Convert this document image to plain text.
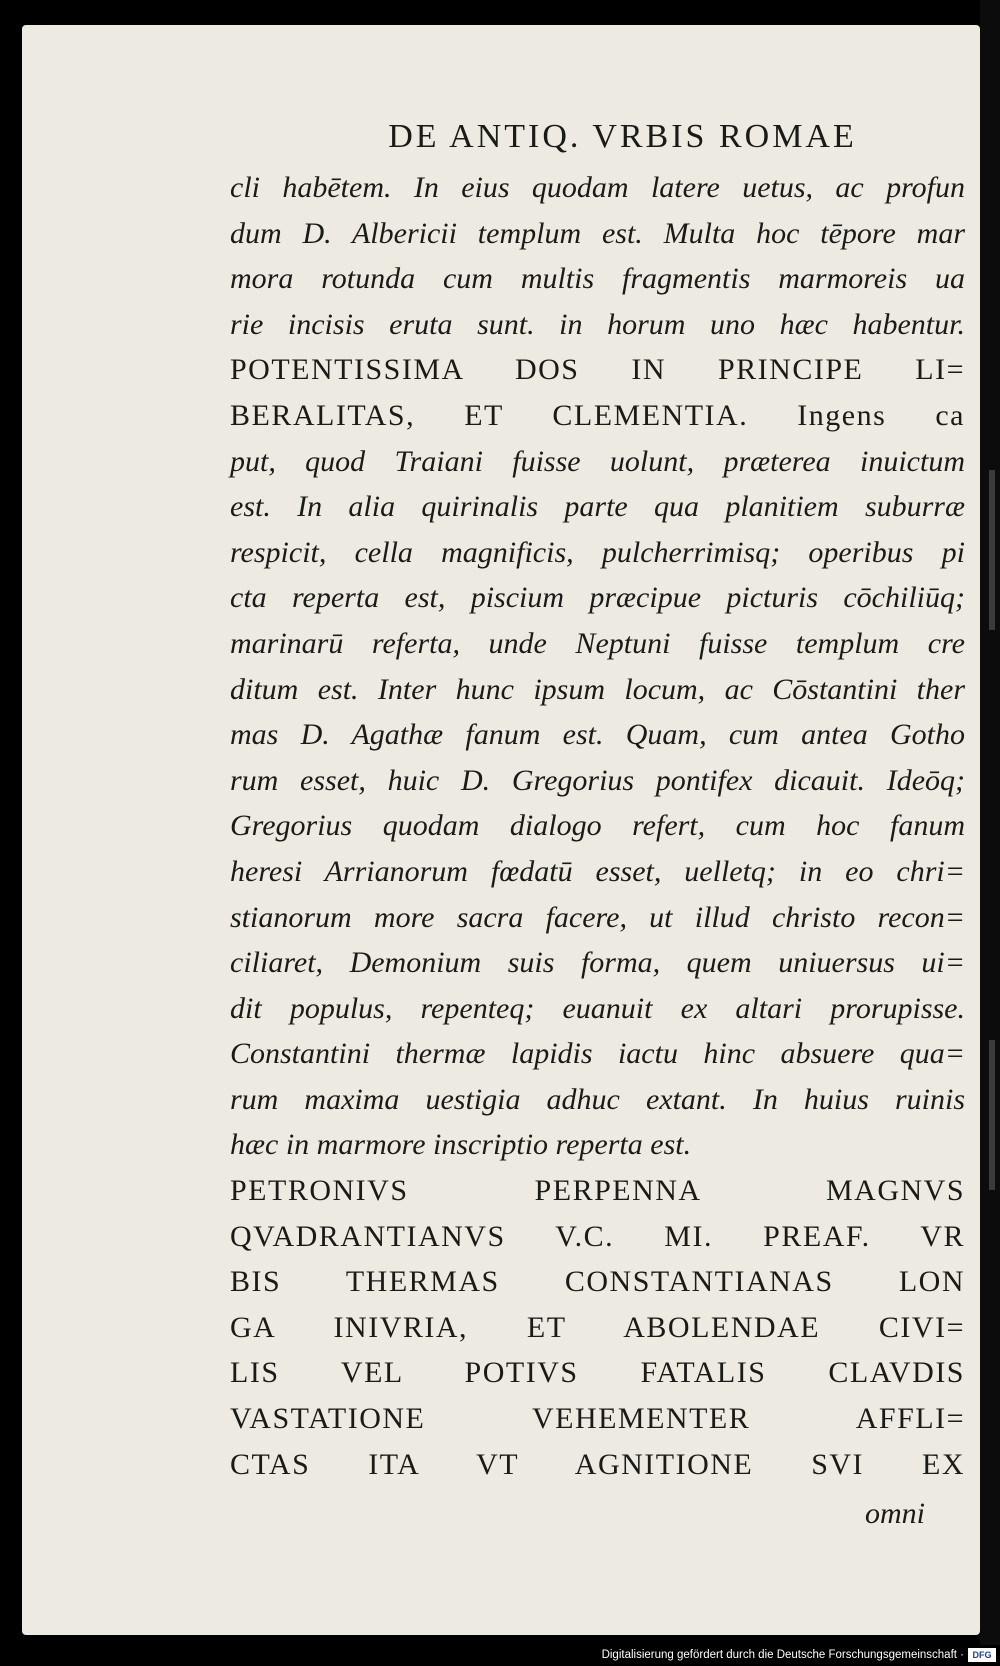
DE ANTIQ. VRBIS ROMAE
cli habētem. In eius quodam latere uetus, ac profun
dum D. Albericii templum est. Multa hoc tēpore mar
mora rotunda cum multis fragmentis marmoreis ua
rie incisis eruta sunt. in horum uno hæc habentur.
POTENTISSIMA DOS IN PRINCIPE LI=
BERALITAS, ET CLEMENTIA. Ingens ca
put, quod Traiani fuisse uolunt, præterea inuictum
est. In alia quirinalis parte qua planitiem suburræ
respicit, cella magnificis, pulcherrimisq; operibus pi
cta reperta est, piscium præcipue picturis cōchiliūq;
marinarū referta, unde Neptuni fuisse templum cre
ditum est. Inter hunc ipsum locum, ac Cōstantini ther
mas D. Agathæ fanum est. Quam, cum antea Gotho
rum esset, huic D. Gregorius pontifex dicauit. Ideōq;
Gregorius quodam dialogo refert, cum hoc fanum
heresi Arrianorum fœdatū esset, uelletq; in eo chri=
stianorum more sacra facere, ut illud christo recon=
ciliaret, Demonium suis forma, quem uniuersus ui=
dit populus, repenteq; euanuit ex altari prorupisse.
Constantini thermæ lapidis iactu hinc absuere qua=
rum maxima uestigia adhuc extant. In huius ruinis
hæc in marmore inscriptio reperta est.
PETRONIVS PERPENNA MAGNVS
QVADRANTIANVS V.C. MI. PREAF. VR
BIS THERMAS CONSTANTIANAS LON
GA INIVRIA, ET ABOLENDAE CIVI=
LIS VEL POTIVS FATALIS CLAVDIS
VASTATIONE VEHEMENTER AFFLI=
CTAS ITA VT AGNITIONE SVI EX
omni
Digitalisierung gefördert durch die Deutsche Forschungsgemeinschaft · DFG
